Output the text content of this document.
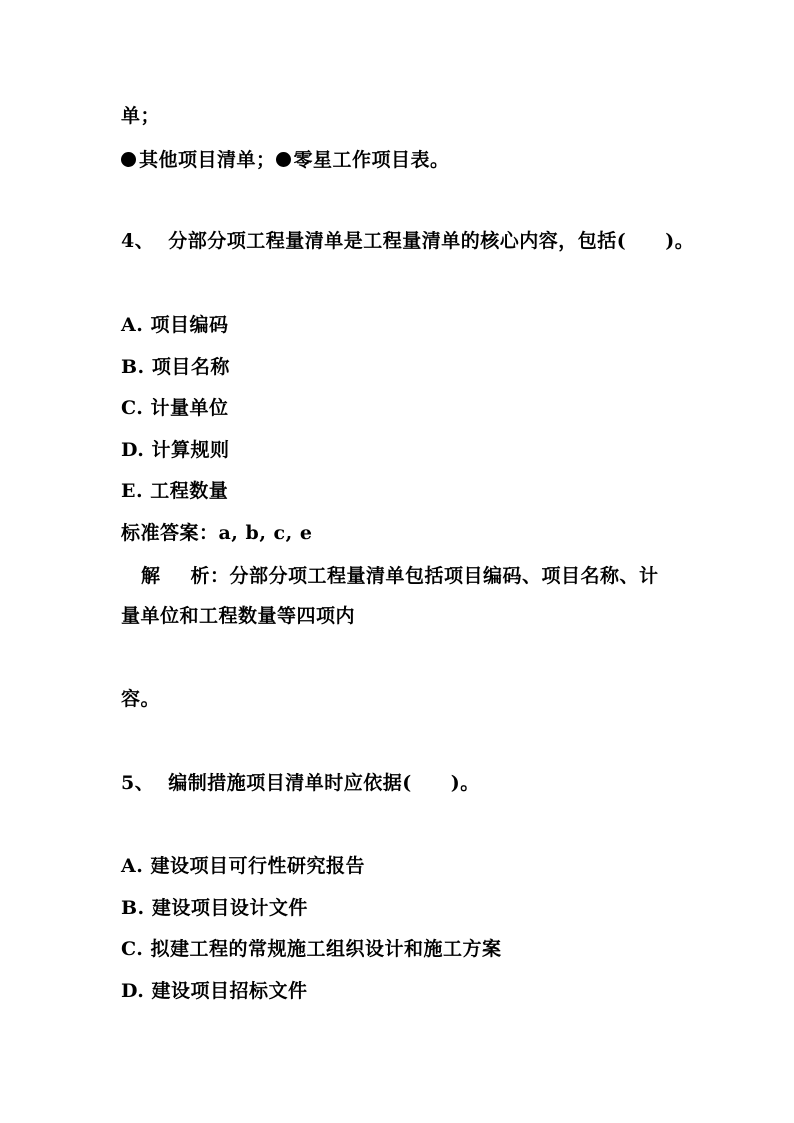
单；
其他项目清单； 零星工作项目表。
4、 分部分项工程量清单是工程量清单的核心内容，包括(　　)。
A. 项目编码
B. 项目名称
C. 计量单位
D. 计算规则
E. 工程数量
标准答案：a, b, c, e
解 析：分部分项工程量清单包括项目编码、项目名称、计
量单位和工程数量等四项内
容。
5、 编制措施项目清单时应依据(　　)。
A. 建设项目可行性研究报告
B. 建设项目设计文件
C. 拟建工程的常规施工组织设计和施工方案
D. 建设项目招标文件
